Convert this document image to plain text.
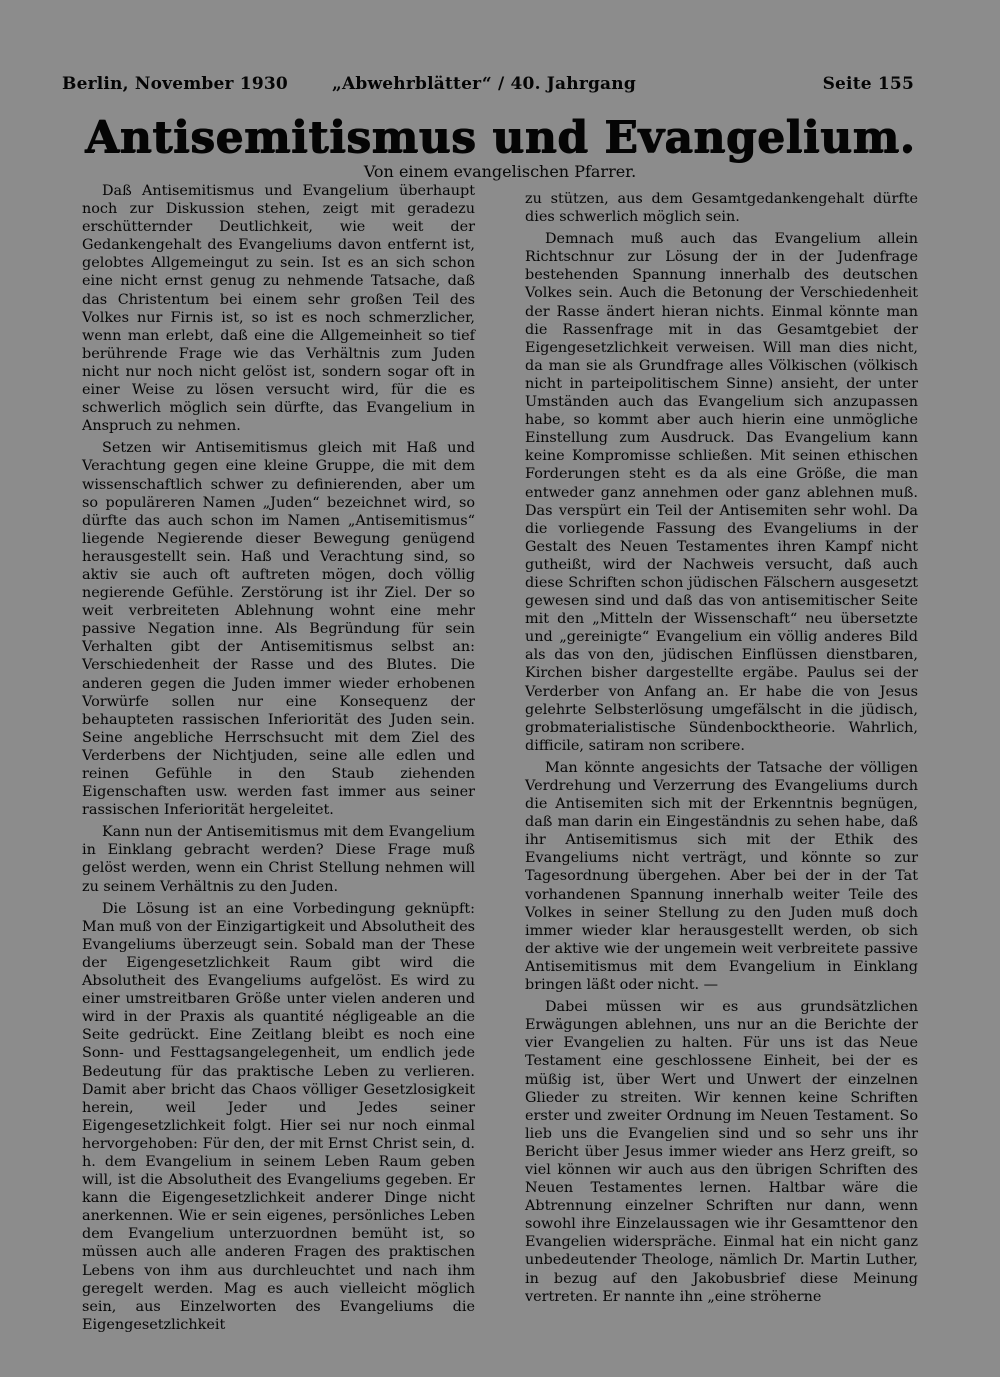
Berlin, November 1930	„Abwehrblätter“ / 40. Jahrgang	Seite 155
Antisemitismus und Evangelium.
Von einem evangelischen Pfarrer.

Daß Antisemitismus und Evangelium überhaupt noch zur Diskussion stehen, zeigt mit geradezu erschütternder Deutlichkeit, wie weit der Gedankengehalt des Evangeliums davon entfernt ist, gelobtes Allgemeingut zu sein. Ist es an sich schon eine nicht ernst genug zu nehmende Tatsache, daß das Christentum bei einem sehr großen Teil des Volkes nur Firnis ist, so ist es noch schmerzlicher, wenn man erlebt, daß eine die Allgemeinheit so tief berührende Frage wie das Verhältnis zum Juden nicht nur noch nicht gelöst ist, sondern sogar oft in einer Weise zu lösen versucht wird, für die es schwerlich möglich sein dürfte, das Evangelium in Anspruch zu nehmen.

Setzen wir Antisemitismus gleich mit Haß und Verachtung gegen eine kleine Gruppe, die mit dem wissenschaftlich schwer zu definierenden, aber um so populäreren Namen „Juden“ bezeichnet wird, so dürfte das auch schon im Namen „Antisemitismus“ liegende Negierende dieser Bewegung genügend herausgestellt sein. Haß und Verachtung sind, so aktiv sie auch oft auftreten mögen, doch völlig negierende Gefühle. Zerstörung ist ihr Ziel. Der so weit verbreiteten Ablehnung wohnt eine mehr passive Negation inne. Als Begründung für sein Verhalten gibt der Antisemitismus selbst an: Verschiedenheit der Rasse und des Blutes. Die anderen gegen die Juden immer wieder erhobenen Vorwürfe sollen nur eine Konsequenz der behaupteten rassischen Inferiorität des Juden sein. Seine angebliche Herrschsucht mit dem Ziel des Verderbens der Nichtjuden, seine alle edlen und reinen Gefühle in den Staub ziehenden Eigenschaften usw. werden fast immer aus seiner rassischen Inferiorität hergeleitet.

Kann nun der Antisemitismus mit dem Evangelium in Einklang gebracht werden? Diese Frage muß gelöst werden, wenn ein Christ Stellung nehmen will zu seinem Verhältnis zu den Juden.

Die Lösung ist an eine Vorbedingung geknüpft: Man muß von der Einzigartigkeit und Absolutheit des Evangeliums überzeugt sein. Sobald man der These der Eigengesetzlichkeit Raum gibt wird die Absolutheit des Evangeliums aufgelöst. Es wird zu einer umstreitbaren Größe unter vielen anderen und wird in der Praxis als quantité négligeable an die Seite gedrückt. Eine Zeitlang bleibt es noch eine Sonn- und Festtagsangelegenheit, um endlich jede Bedeutung für das praktische Leben zu verlieren. Damit aber bricht das Chaos völliger Gesetzlosigkeit herein, weil Jeder und Jedes seiner Eigengesetzlichkeit folgt. Hier sei nur noch einmal hervorgehoben: Für den, der mit Ernst Christ sein, d. h. dem Evangelium in seinem Leben Raum geben will, ist die Absolutheit des Evangeliums gegeben. Er kann die Eigengesetzlichkeit anderer Dinge nicht anerkennen. Wie er sein eigenes, persönliches Leben dem Evangelium unterzuordnen bemüht ist, so müssen auch alle anderen Fragen des praktischen Lebens von ihm aus durchleuchtet und nach ihm geregelt werden. Mag es auch vielleicht möglich sein, aus Einzelworten des Evangeliums die Eigengesetzlichkeit

zu stützen, aus dem Gesamtgedankengehalt dürfte dies schwerlich möglich sein.

Demnach muß auch das Evangelium allein Richtschnur zur Lösung der in der Judenfrage bestehenden Spannung innerhalb des deutschen Volkes sein. Auch die Betonung der Verschiedenheit der Rasse ändert hieran nichts. Einmal könnte man die Rassenfrage mit in das Gesamtgebiet der Eigengesetzlichkeit verweisen. Will man dies nicht, da man sie als Grundfrage alles Völkischen (völkisch nicht in parteipolitischem Sinne) ansieht, der unter Umständen auch das Evangelium sich anzupassen habe, so kommt aber auch hierin eine unmögliche Einstellung zum Ausdruck. Das Evangelium kann keine Kompromisse schließen. Mit seinen ethischen Forderungen steht es da als eine Größe, die man entweder ganz annehmen oder ganz ablehnen muß. Das verspürt ein Teil der Antisemiten sehr wohl. Da die vorliegende Fassung des Evangeliums in der Gestalt des Neuen Testamentes ihren Kampf nicht gutheißt, wird der Nachweis versucht, daß auch diese Schriften schon jüdischen Fälschern ausgesetzt gewesen sind und daß das von antisemitischer Seite mit den „Mitteln der Wissenschaft“ neu übersetzte und „gereinigte“ Evangelium ein völlig anderes Bild als das von den, jüdischen Einflüssen dienstbaren, Kirchen bisher dargestellte ergäbe. Paulus sei der Verderber von Anfang an. Er habe die von Jesus gelehrte Selbsterlösung umgefälscht in die jüdisch, grobmaterialistische Sündenbocktheorie. Wahrlich, difficile, satiram non scribere.

Man könnte angesichts der Tatsache der völligen Verdrehung und Verzerrung des Evangeliums durch die Antisemiten sich mit der Erkenntnis begnügen, daß man darin ein Eingeständnis zu sehen habe, daß ihr Antisemitismus sich mit der Ethik des Evangeliums nicht verträgt, und könnte so zur Tagesordnung übergehen. Aber bei der in der Tat vorhandenen Spannung innerhalb weiter Teile des Volkes in seiner Stellung zu den Juden muß doch immer wieder klar herausgestellt werden, ob sich der aktive wie der ungemein weit verbreitete passive Antisemitismus mit dem Evangelium in Einklang bringen läßt oder nicht. —

Dabei müssen wir es aus grundsätzlichen Erwägungen ablehnen, uns nur an die Berichte der vier Evangelien zu halten. Für uns ist das Neue Testament eine geschlossene Einheit, bei der es müßig ist, über Wert und Unwert der einzelnen Glieder zu streiten. Wir kennen keine Schriften erster und zweiter Ordnung im Neuen Testament. So lieb uns die Evangelien sind und so sehr uns ihr Bericht über Jesus immer wieder ans Herz greift, so viel können wir auch aus den übrigen Schriften des Neuen Testamentes lernen. Haltbar wäre die Abtrennung einzelner Schriften nur dann, wenn sowohl ihre Einzelaussagen wie ihr Gesamttenor den Evangelien widerspräche. Einmal hat ein nicht ganz unbedeutender Theologe, nämlich Dr. Martin Luther, in bezug auf den Jakobusbrief diese Meinung vertreten. Er nannte ihn „eine ströherne
